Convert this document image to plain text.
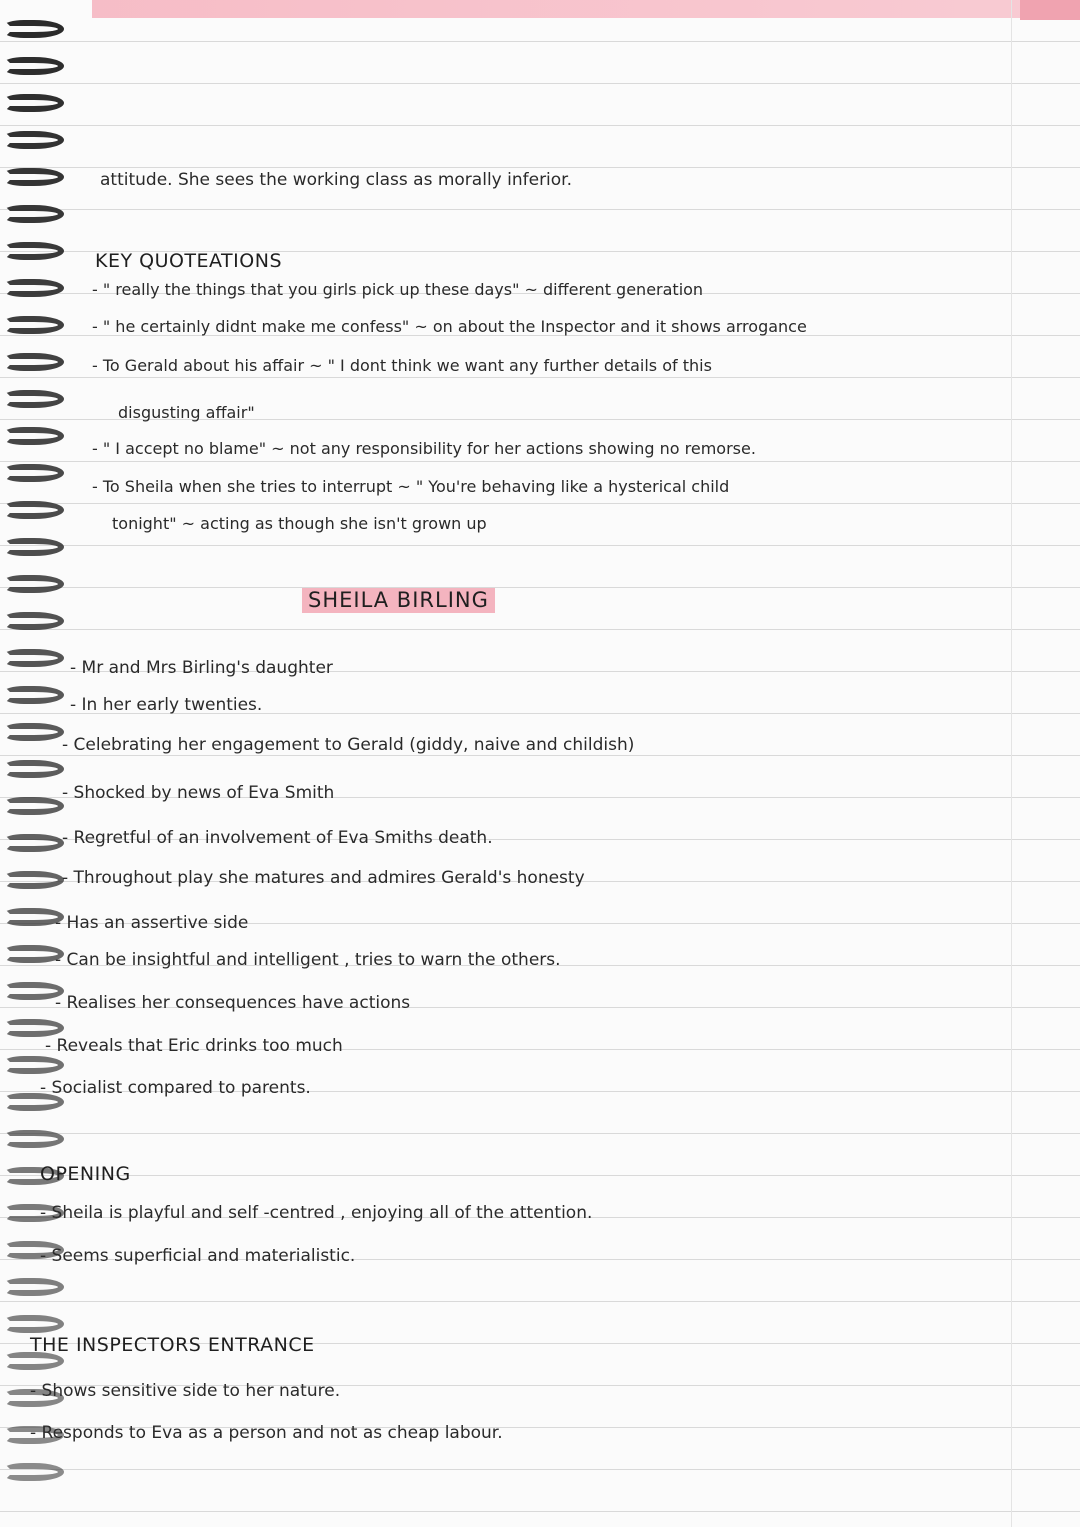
attitude. She sees the working class as morally inferior.
KEY QUOTEATIONS
- " really the things that you girls pick up these days" ~ different generation
- " he certainly didnt make me confess" ~ on about the Inspector and it shows arrogance
- To Gerald about his affair ~ " I dont think we want any further details of this
disgusting affair"
- " I accept no blame" ~ not any responsibility for her actions showing no remorse.
- To Sheila when she tries to interrupt ~ " You're behaving like a hysterical child
tonight" ~ acting as though she isn't grown up
SHEILA BIRLING
- Mr and Mrs Birling's daughter
- In her early twenties.
- Celebrating her engagement to Gerald (giddy, naive and childish)
- Shocked by news of Eva Smith
- Regretful of an involvement of Eva Smiths death.
- Throughout play she matures and admires Gerald's honesty
- Has an assertive side
- Can be insightful and intelligent , tries to warn the others.
- Realises her consequences have actions
- Reveals that Eric drinks too much
- Socialist compared to parents.
OPENING
- Sheila is playful and self -centred , enjoying all of the attention.
- Seems superficial and materialistic.
THE INSPECTORS ENTRANCE
- Shows sensitive side to her nature.
- Responds to Eva as a person and not as cheap labour.
